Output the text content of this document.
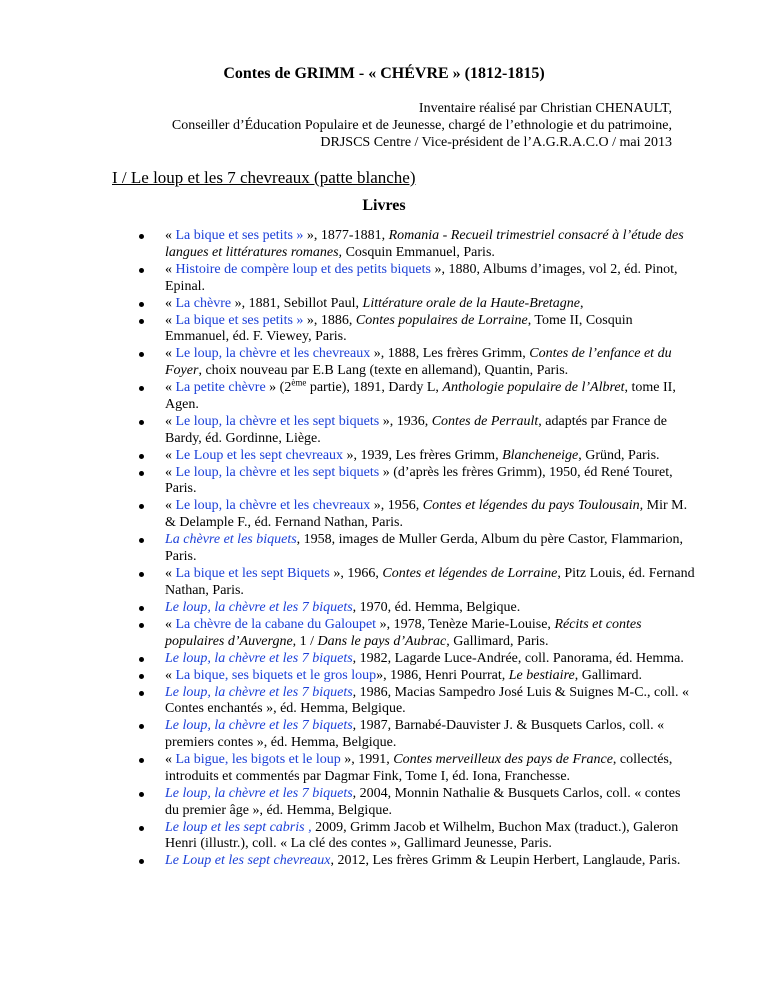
Contes de GRIMM - « CHÉVRE » (1812-1815)
Inventaire réalisé par Christian CHENAULT,
Conseiller d’Éducation Populaire et de Jeunesse, chargé de l’ethnologie et du patrimoine,
DRJSCS Centre / Vice-président de l’A.G.R.A.C.O / mai 2013
I / Le loup et les 7 chevreaux (patte blanche)
Livres
« La bique et ses petits » », 1877-1881, Romania - Recueil trimestriel consacré à l’étude des langues et littératures romanes, Cosquin Emmanuel, Paris.
« Histoire de compère loup et des petits biquets », 1880, Albums d’images, vol 2, éd. Pinot, Epinal.
« La chèvre », 1881, Sebillot Paul, Littérature orale de la Haute-Bretagne,
« La bique et ses petits » », 1886, Contes populaires de Lorraine, Tome II, Cosquin Emmanuel, éd. F. Viewey, Paris.
« Le loup, la chèvre et les chevreaux », 1888, Les frères Grimm, Contes de l’enfance et du Foyer, choix nouveau par E.B Lang (texte en allemand), Quantin, Paris.
« La petite chèvre » (2ème partie), 1891, Dardy L, Anthologie populaire de l’Albret, tome II, Agen.
« Le loup, la chèvre et les sept biquets », 1936, Contes de Perrault, adaptés par France de Bardy, éd. Gordinne, Liège.
« Le Loup et les sept chevreaux », 1939, Les frères Grimm, Blancheneige, Gründ, Paris.
« Le loup, la chèvre et les sept biquets » (d’après les frères Grimm), 1950, éd René Touret, Paris.
« Le loup, la chèvre et les chevreaux », 1956, Contes et légendes du pays Toulousain, Mir M. & Delample F., éd. Fernand Nathan, Paris.
La chèvre et les biquets, 1958, images de Muller Gerda, Album du père Castor, Flammarion, Paris.
« La bique et les sept Biquets », 1966, Contes et légendes de Lorraine, Pitz Louis, éd. Fernand Nathan, Paris.
Le loup, la chèvre et les 7 biquets, 1970, éd. Hemma, Belgique.
« La chèvre de la cabane du Galoupet », 1978, Tenèze Marie-Louise, Récits et contes populaires d’Auvergne, 1 / Dans le pays d’Aubrac, Gallimard, Paris.
Le loup, la chèvre et les 7 biquets, 1982, Lagarde Luce-Andrée, coll. Panorama, éd. Hemma.
« La bique, ses biquets et le gros loup», 1986, Henri Pourrat, Le bestiaire, Gallimard.
Le loup, la chèvre et les 7 biquets, 1986, Macias Sampedro José Luis & Suignes M-C., coll. « Contes enchantés », éd. Hemma, Belgique.
Le loup, la chèvre et les 7 biquets, 1987, Barnabé-Dauvister J. & Busquets Carlos, coll. « premiers contes », éd. Hemma, Belgique.
« La bigue, les bigots et le loup », 1991, Contes merveilleux des pays de France, collectés, introduits et commentés par Dagmar Fink, Tome I, éd. Iona, Franchesse.
Le loup, la chèvre et les 7 biquets, 2004, Monnin Nathalie & Busquets Carlos, coll. « contes du premier âge », éd. Hemma, Belgique.
Le loup et les sept cabris , 2009, Grimm Jacob et Wilhelm, Buchon Max (traduct.), Galeron Henri (illustr.), coll. « La clé des contes », Gallimard Jeunesse, Paris.
Le Loup et les sept chevreaux, 2012, Les frères Grimm & Leupin Herbert, Langlaude, Paris.
